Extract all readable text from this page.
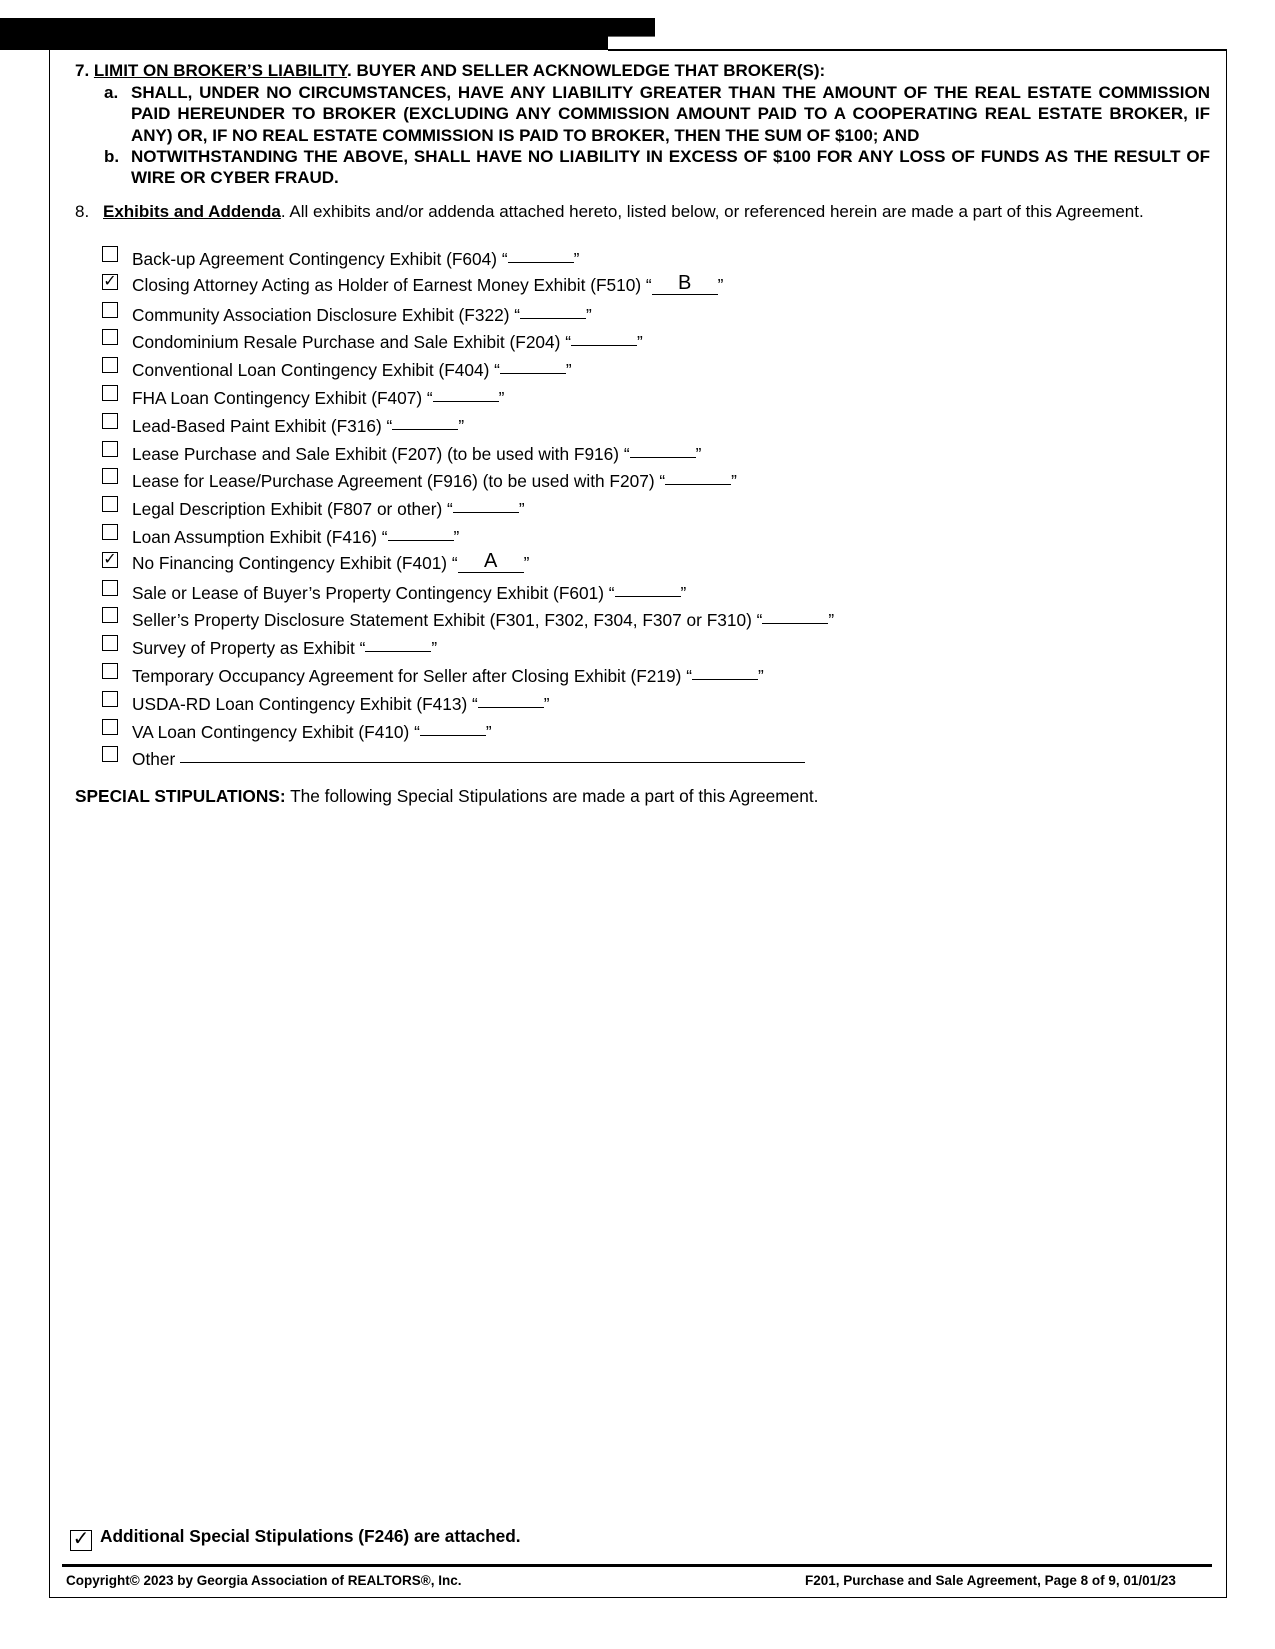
7. LIMIT ON BROKER’S LIABILITY. BUYER AND SELLER ACKNOWLEDGE THAT BROKER(S):
a. SHALL, UNDER NO CIRCUMSTANCES, HAVE ANY LIABILITY GREATER THAN THE AMOUNT OF THE REAL ESTATE COMMISSION PAID HEREUNDER TO BROKER (EXCLUDING ANY COMMISSION AMOUNT PAID TO A COOPERATING REAL ESTATE BROKER, IF ANY) OR, IF NO REAL ESTATE COMMISSION IS PAID TO BROKER, THEN THE SUM OF $100; AND
b. NOTWITHSTANDING THE ABOVE, SHALL HAVE NO LIABILITY IN EXCESS OF $100 FOR ANY LOSS OF FUNDS AS THE RESULT OF WIRE OR CYBER FRAUD.
8. Exhibits and Addenda. All exhibits and/or addenda attached hereto, listed below, or referenced herein are made a part of this Agreement.
Back-up Agreement Contingency Exhibit (F604) “	”
✓ Closing Attorney Acting as Holder of Earnest Money Exhibit (F510) “ B ”
Community Association Disclosure Exhibit (F322) “	”
Condominium Resale Purchase and Sale Exhibit (F204) “	”
Conventional Loan Contingency Exhibit (F404) “	”
FHA Loan Contingency Exhibit (F407) “	”
Lead-Based Paint Exhibit (F316) “	”
Lease Purchase and Sale Exhibit (F207) (to be used with F916) “	”
Lease for Lease/Purchase Agreement (F916) (to be used with F207) “	”
Legal Description Exhibit (F807 or other) “	”
Loan Assumption Exhibit (F416) “	”
✓ No Financing Contingency Exhibit (F401) “ A ”
Sale or Lease of Buyer’s Property Contingency Exhibit (F601) “	”
Seller’s Property Disclosure Statement Exhibit (F301, F302, F304, F307 or F310) “	”
Survey of Property as Exhibit “	”
Temporary Occupancy Agreement for Seller after Closing Exhibit (F219) “	”
USDA-RD Loan Contingency Exhibit (F413) “	”
VA Loan Contingency Exhibit (F410) “	”
Other
SPECIAL STIPULATIONS: The following Special Stipulations are made a part of this Agreement.
✓ Additional Special Stipulations (F246) are attached.
Copyright© 2023 by Georgia Association of REALTORS®, Inc.	F201, Purchase and Sale Agreement, Page 8 of 9, 01/01/23
